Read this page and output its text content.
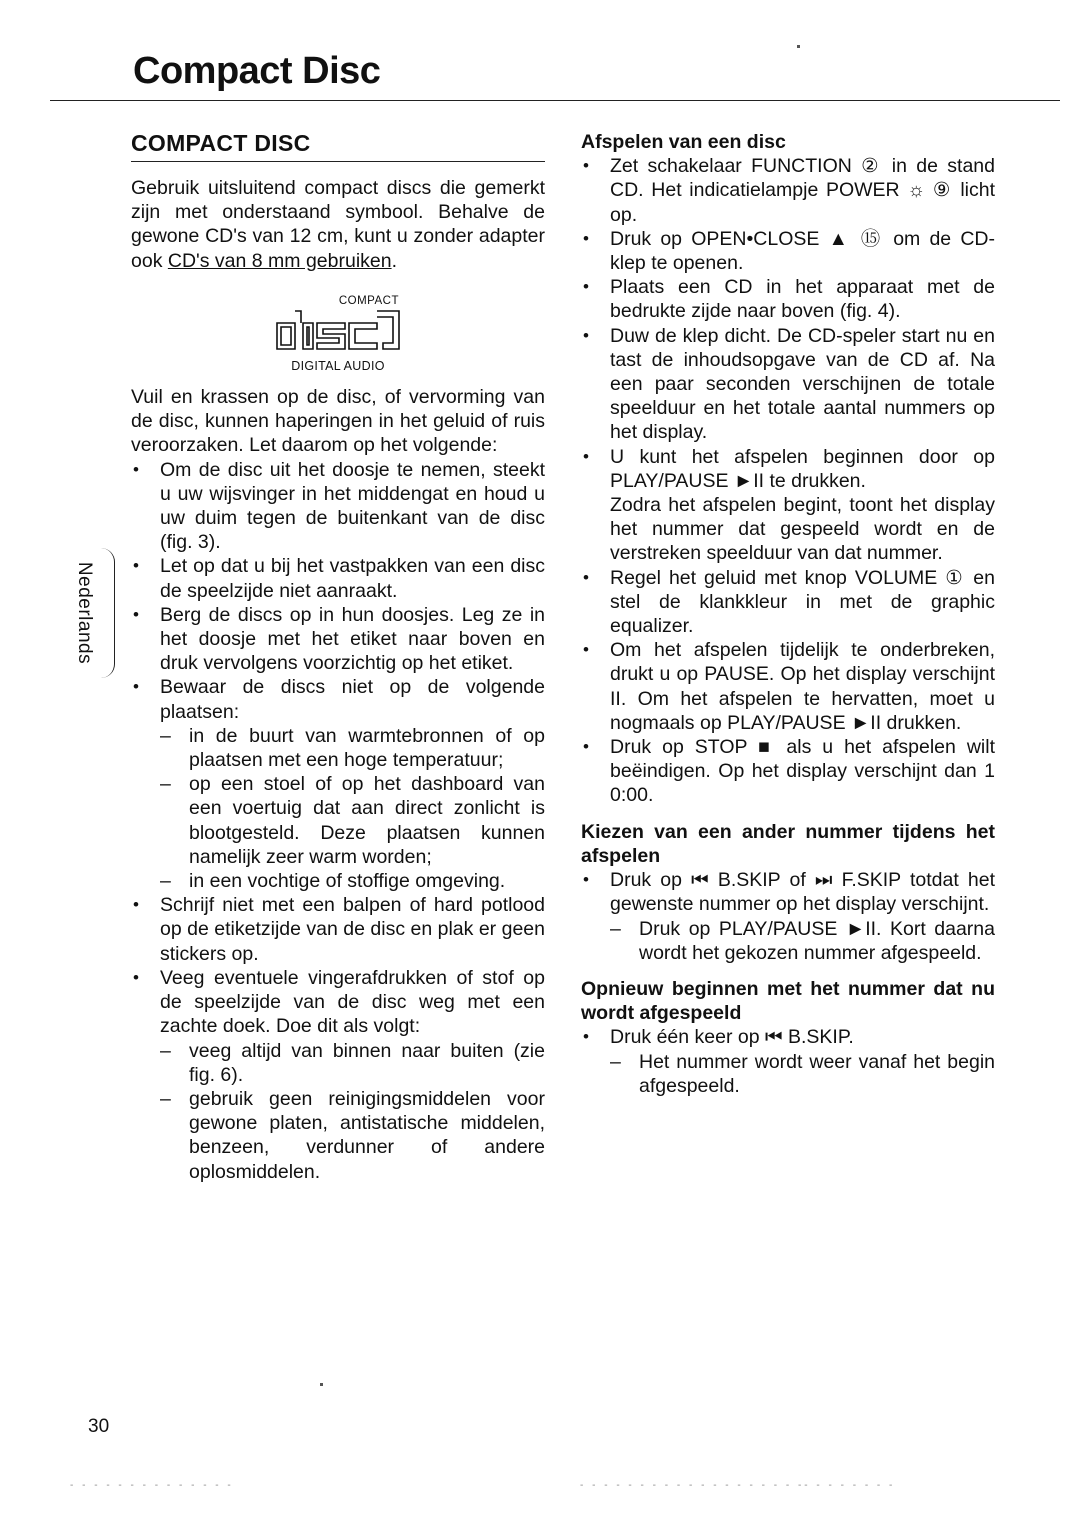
Compact Disc
COMPACT DISC

Gebruik uitsluitend compact discs die gemerkt zijn met onderstaand symbool. Behalve de gewone CD's van 12 cm, kunt u zonder adapter ook CD's van 8 mm gebruiken.

COMPACT
DIGITAL AUDIO

Vuil en krassen op de disc, of vervorming van de disc, kunnen haperingen in het geluid of ruis veroorzaken. Let daarom op het volgende:

• Om de disc uit het doosje te nemen, steekt u uw wijsvinger in het middengat en houd u uw duim tegen de buitenkant van de disc (fig. 3).
• Let op dat u bij het vastpakken van een disc de speelzijde niet aanraakt.
• Berg de discs op in hun doosjes. Leg ze in het doosje met het etiket naar boven en druk vervolgens voorzichtig op het etiket.
• Bewaar de discs niet op de volgende plaatsen:
– in de buurt van warmtebronnen of op plaatsen met een hoge temperatuur;
– op een stoel of op het dashboard van een voertuig dat aan direct zonlicht is blootgesteld. Deze plaatsen kunnen namelijk zeer warm worden;
– in een vochtige of stoffige omgeving.
• Schrijf niet met een balpen of hard potlood op de etiketzijde van de disc en plak er geen stickers op.
• Veeg eventuele vingerafdrukken of stof op de speelzijde van de disc weg met een zachte doek. Doe dit als volgt:
– veeg altijd van binnen naar buiten (zie fig. 6).
– gebruik geen reinigingsmiddelen voor gewone platen, antistatische middelen, benzeen, verdunner of andere oplosmiddelen.

Afspelen van een disc

• Zet schakelaar FUNCTION ② in de stand CD. Het indicatielampje POWER ☼ ⑨ licht op.
• Druk op OPEN•CLOSE ▲ ⑮ om de CD-klep te openen.
• Plaats een CD in het apparaat met de bedrukte zijde naar boven (fig. 4).
• Duw de klep dicht. De CD-speler start nu en tast de inhoudsopgave van de CD af. Na een paar seconden verschijnen de totale speelduur en het totale aantal nummers op het display.
• U kunt het afspelen beginnen door op PLAY/PAUSE ►II te drukken.
Zodra het afspelen begint, toont het display het nummer dat gespeeld wordt en de verstreken speelduur van dat nummer.
• Regel het geluid met knop VOLUME ① en stel de klankkleur in met de graphic equalizer.
• Om het afspelen tijdelijk te onderbreken, drukt u op PAUSE. Op het display verschijnt II. Om het afspelen te hervatten, moet u nogmaals op PLAY/PAUSE ►II drukken.
• Druk op STOP ■ als u het afspelen wilt beëindigen. Op het display verschijnt dan 1 0:00.

Kiezen van een ander nummer tijdens het afspelen

• Druk op ⏮ B.SKIP of ⏭ F.SKIP totdat het gewenste nummer op het display verschijnt.
– Druk op PLAY/PAUSE ►II. Kort daarna wordt het gekozen nummer afgespeeld.

Opnieuw beginnen met het nummer dat nu wordt afgespeeld

• Druk één keer op ⏮ B.SKIP.
– Het nummer wordt weer vanaf het begin afgespeeld.
Nederlands
30
- - - - - - - - - - - - - -	- - - - - - - - - - - - - - - - - - -- - - - - - - -
